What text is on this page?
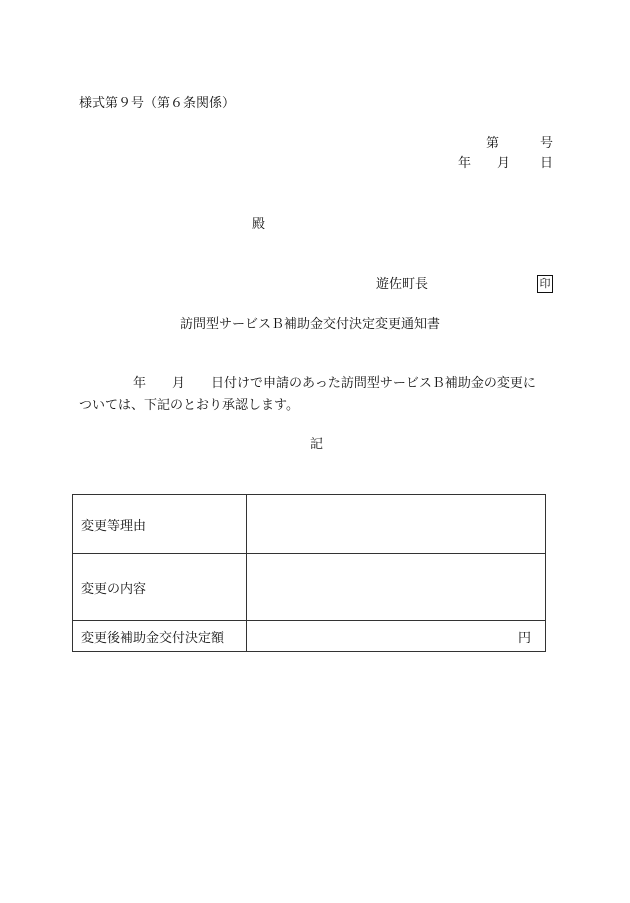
様式第９号（第６条関係）
第	号
年 月 日
殿
遊佐町長	印
訪問型サービスＢ補助金交付決定変更通知書
年　　月　　日付けで申請のあった訪問型サービスＢ補助金の変更に
ついては、下記のとおり承認します。
記
変更等理由	
変更の内容	
変更後補助金交付決定額	円
